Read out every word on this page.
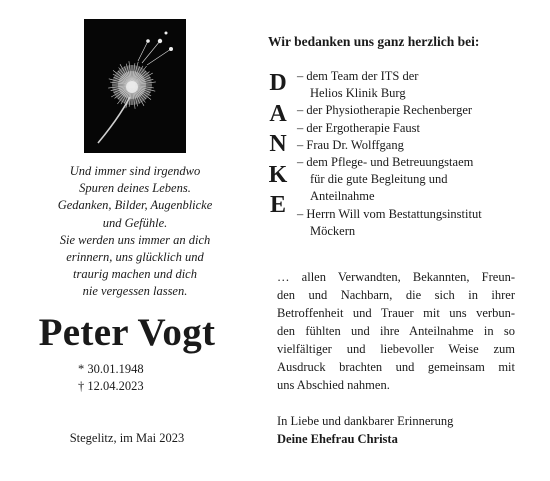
Und immer sind irgendwo
Spuren deines Lebens.
Gedanken, Bilder, Augenblicke
und Gefühle.
Sie werden uns immer an dich
erinnern, uns glücklich und
traurig machen und dich
nie vergessen lassen.
Peter Vogt
* 30.01.1948
† 12.04.2023
Stegelitz, im Mai 2023
Wir bedanken uns ganz herzlich bei:
D
A
N
K
E
– dem Team der ITS der
Helios Klinik Burg
– der Physiotherapie Rechenberger
– der Ergotherapie Faust
– Frau Dr. Wolffgang
– dem Pflege- und Betreuungstaem
für die gute Begleitung und
Anteilnahme
– Herrn Will vom Bestattungsinstitut
Möckern
… allen Verwandten, Bekannten, Freun-
den und Nachbarn, die sich in ihrer
Betroffenheit und Trauer mit uns verbun-
den fühlten und ihre Anteilnahme in so
vielfältiger und liebevoller Weise zum
Ausdruck brachten und gemeinsam mit
uns Abschied nahmen.
In Liebe und dankbarer Erinnerung
Deine Ehefrau Christa
